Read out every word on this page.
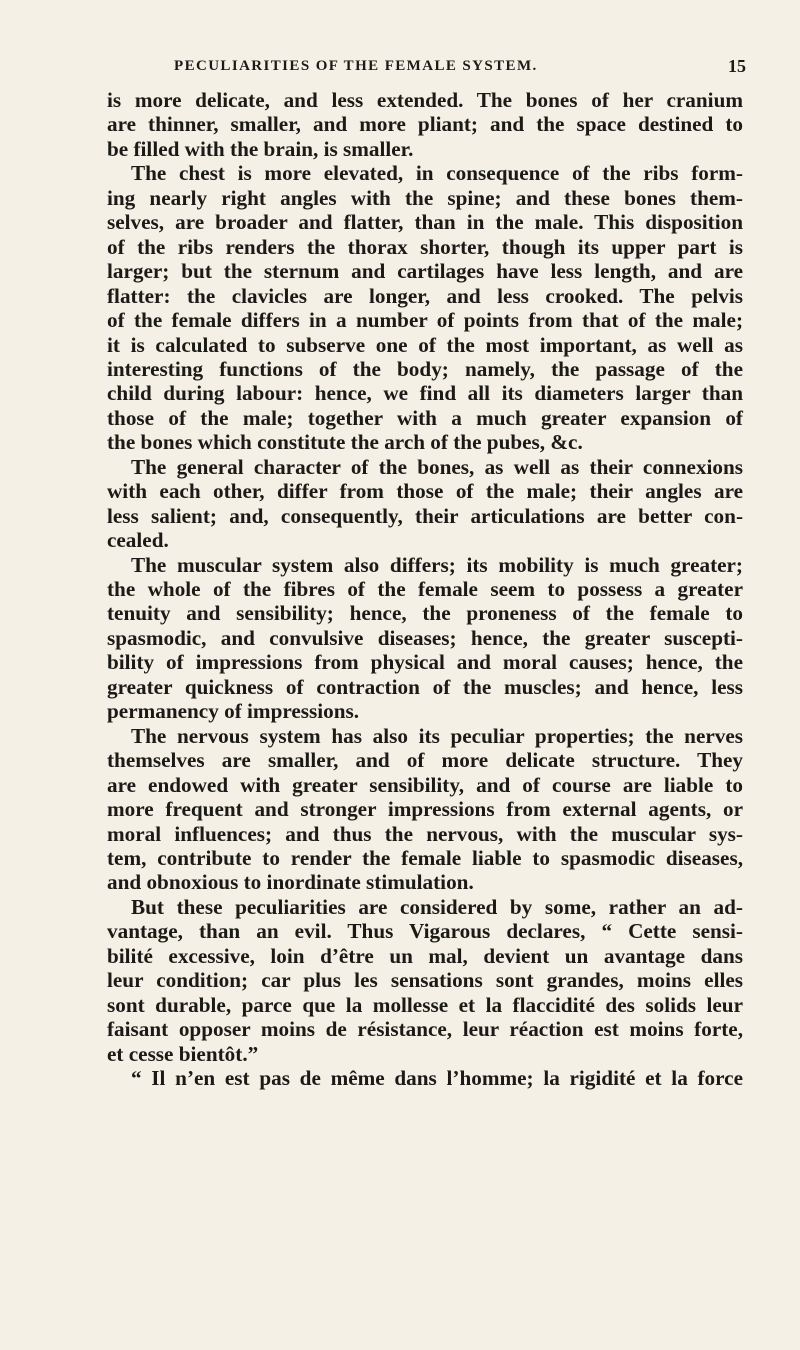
PECULIARITIES OF THE FEMALE SYSTEM.	15
is more delicate, and less extended. The bones of her cranium
are thinner, smaller, and more pliant; and the space destined to
be filled with the brain, is smaller.
The chest is more elevated, in consequence of the ribs form-
ing nearly right angles with the spine; and these bones them-
selves, are broader and flatter, than in the male. This disposition
of the ribs renders the thorax shorter, though its upper part is
larger; but the sternum and cartilages have less length, and are
flatter: the clavicles are longer, and less crooked. The pelvis
of the female differs in a number of points from that of the male;
it is calculated to subserve one of the most important, as well as
interesting functions of the body; namely, the passage of the
child during labour: hence, we find all its diameters larger than
those of the male; together with a much greater expansion of
the bones which constitute the arch of the pubes, &c.
The general character of the bones, as well as their connexions
with each other, differ from those of the male; their angles are
less salient; and, consequently, their articulations are better con-
cealed.
The muscular system also differs; its mobility is much greater;
the whole of the fibres of the female seem to possess a greater
tenuity and sensibility; hence, the proneness of the female to
spasmodic, and convulsive diseases; hence, the greater suscepti-
bility of impressions from physical and moral causes; hence, the
greater quickness of contraction of the muscles; and hence, less
permanency of impressions.
The nervous system has also its peculiar properties; the nerves
themselves are smaller, and of more delicate structure. They
are endowed with greater sensibility, and of course are liable to
more frequent and stronger impressions from external agents, or
moral influences; and thus the nervous, with the muscular sys-
tem, contribute to render the female liable to spasmodic diseases,
and obnoxious to inordinate stimulation.
But these peculiarities are considered by some, rather an ad-
vantage, than an evil. Thus Vigarous declares, “ Cette sensi-
bilité excessive, loin d’être un mal, devient un avantage dans
leur condition; car plus les sensations sont grandes, moins elles
sont durable, parce que la mollesse et la flaccidité des solids leur
faisant opposer moins de résistance, leur réaction est moins forte,
et cesse bientôt.”
“ Il n’en est pas de même dans l’homme; la rigidité et la force
